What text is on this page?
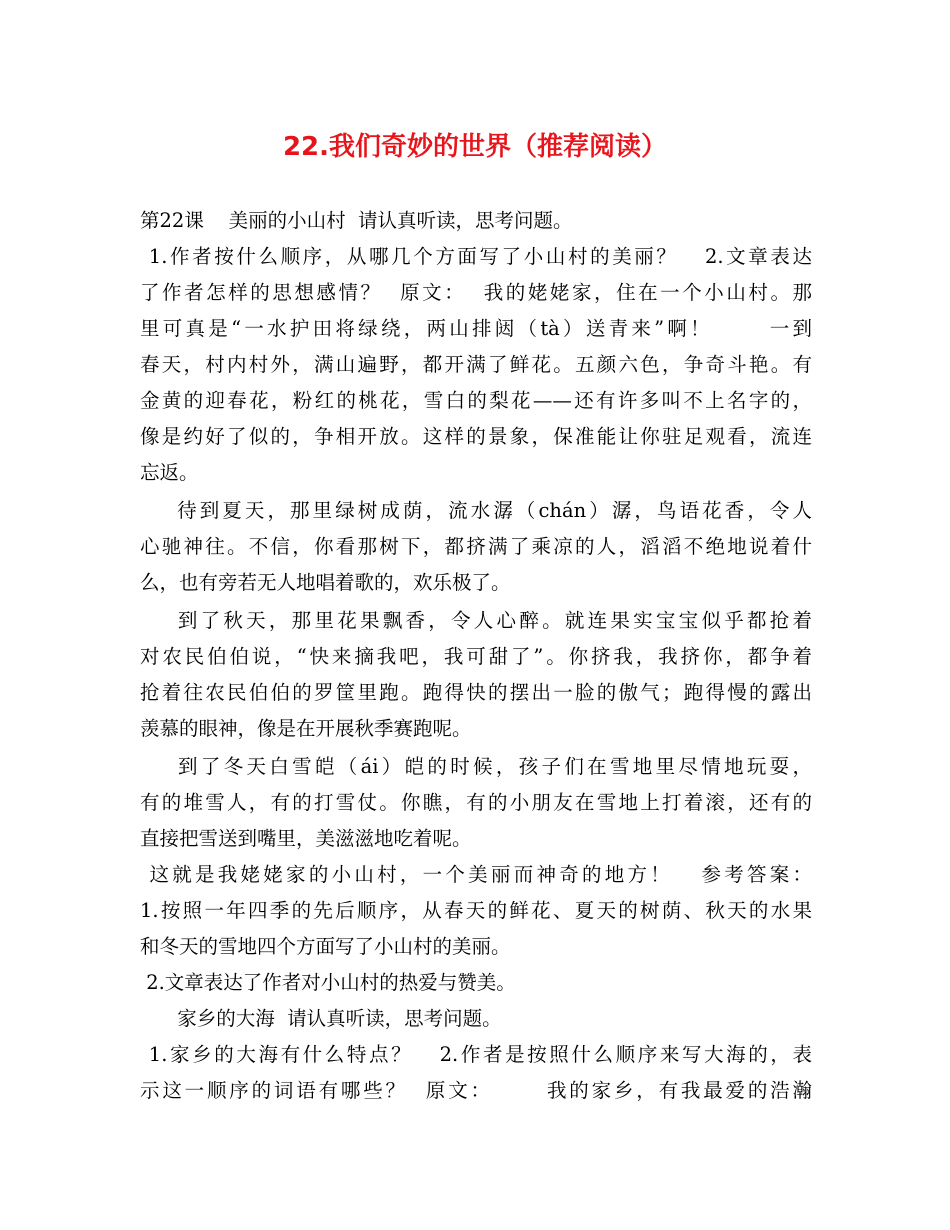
22.我们奇妙的世界（推荐阅读）
第22课    美丽的小山村  请认真听读，思考问题。
1.作者按什么顺序，从哪几个方面写了小山村的美丽？   2.文章表达
了作者怎样的思想感情？  原文：  我的姥姥家，住在一个小山村。那
里可真是“一水护田将绿绕，两山排闼（tà）送青来”啊！      一到
春天，村内村外，满山遍野，都开满了鲜花。五颜六色，争奇斗艳。有
金黄的迎春花，粉红的桃花，雪白的梨花——还有许多叫不上名字的，
像是约好了似的，争相开放。这样的景象，保准能让你驻足观看，流连
忘返。
待到夏天，那里绿树成荫，流水潺（chán）潺，鸟语花香，令人
心驰神往。不信，你看那树下，都挤满了乘凉的人，滔滔不绝地说着什
么，也有旁若无人地唱着歌的，欢乐极了。
到了秋天，那里花果飘香，令人心醉。就连果实宝宝似乎都抢着
对农民伯伯说，“快来摘我吧，我可甜了”。你挤我，我挤你，都争着
抢着往农民伯伯的罗筐里跑。跑得快的摆出一脸的傲气；跑得慢的露出
羡慕的眼神，像是在开展秋季赛跑呢。
到了冬天白雪皑（ái）皑的时候，孩子们在雪地里尽情地玩耍，
有的堆雪人，有的打雪仗。你瞧，有的小朋友在雪地上打着滚，还有的
直接把雪送到嘴里，美滋滋地吃着呢。
这就是我姥姥家的小山村，一个美丽而神奇的地方！   参考答案：
1.按照一年四季的先后顺序，从春天的鲜花、夏天的树荫、秋天的水果
和冬天的雪地四个方面写了小山村的美丽。
2.文章表达了作者对小山村的热爱与赞美。
家乡的大海  请认真听读，思考问题。
1.家乡的大海有什么特点？   2.作者是按照什么顺序来写大海的，表
示这一顺序的词语有哪些？  原文：      我的家乡，有我最爱的浩瀚
